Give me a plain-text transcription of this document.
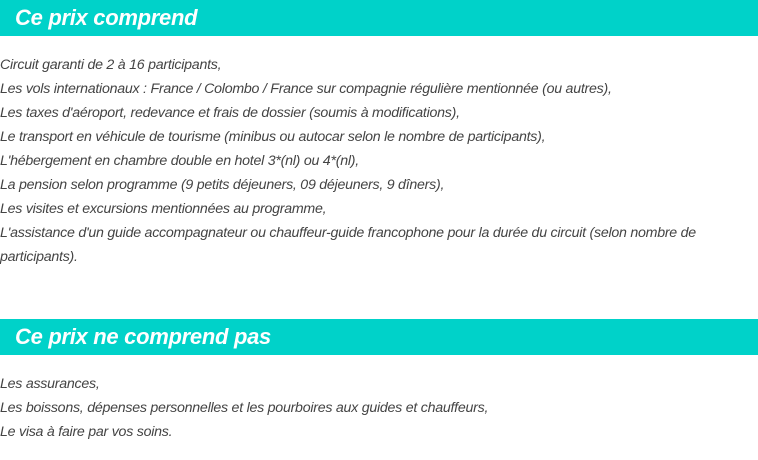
Ce prix comprend
Circuit garanti de 2 à 16 participants,
Les vols internationaux : France / Colombo / France sur compagnie régulière mentionnée (ou autres),
Les taxes d'aéroport, redevance et frais de dossier (soumis à modifications),
Le transport en véhicule de tourisme (minibus ou autocar selon le nombre de participants),
L'hébergement en chambre double en hotel 3*(nl) ou 4*(nl),
La pension selon programme (9 petits déjeuners, 09 déjeuners, 9 dîners),
Les visites et excursions mentionnées au programme,
L'assistance d'un guide accompagnateur ou chauffeur-guide francophone pour la durée du circuit (selon nombre de participants).
Ce prix ne comprend pas
Les assurances,
Les boissons, dépenses personnelles et les pourboires aux guides et chauffeurs,
Le visa à faire par vos soins.
